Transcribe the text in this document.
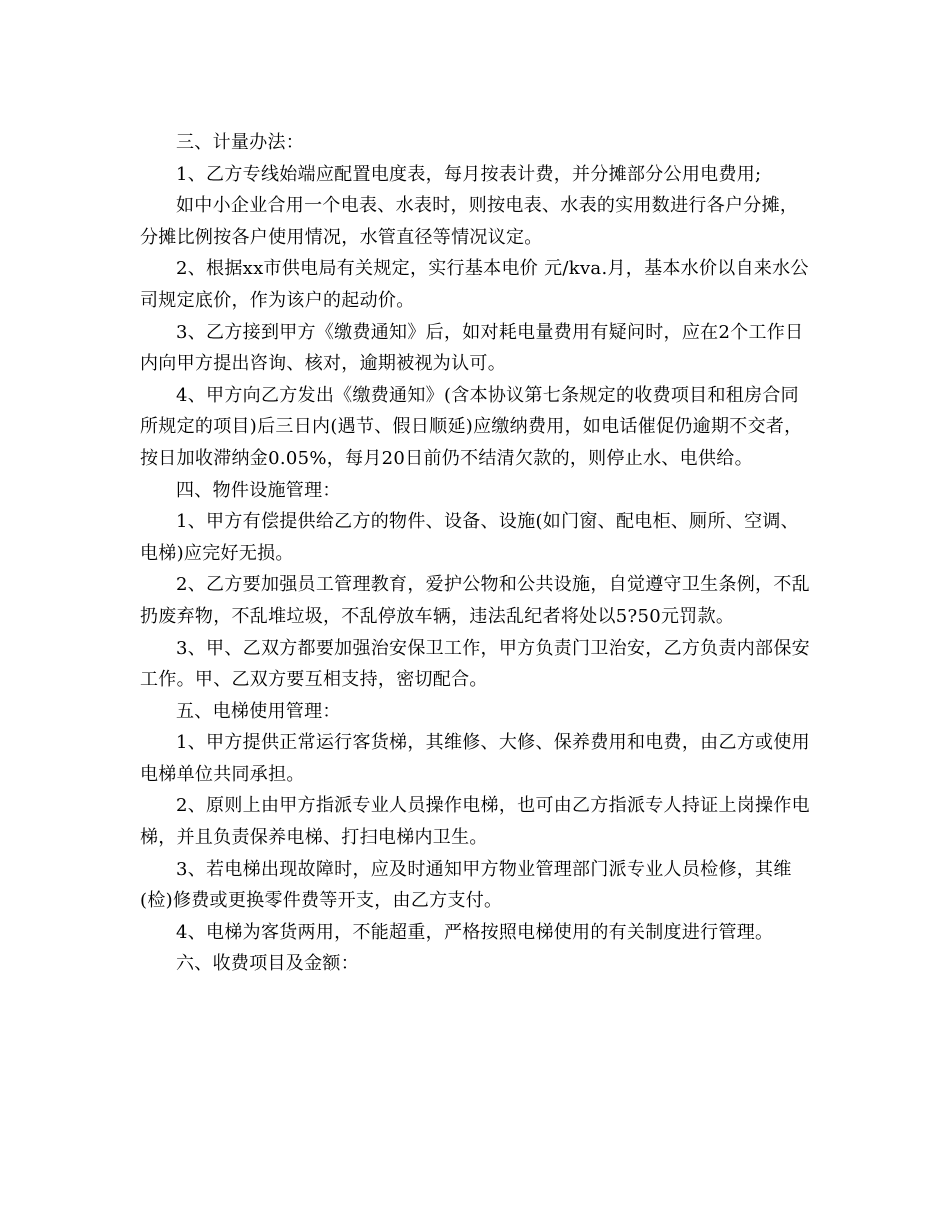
三、计量办法：

1、乙方专线始端应配置电度表，每月按表计费，并分摊部分公用电费用;

如中小企业合用一个电表、水表时，则按电表、水表的实用数进行各户分摊，分摊比例按各户使用情况，水管直径等情况议定。

2、根据xx市供电局有关规定，实行基本电价 元/kva.月，基本水价以自来水公司规定底价，作为该户的起动价。

3、乙方接到甲方《缴费通知》后，如对耗电量费用有疑问时，应在2个工作日内向甲方提出咨询、核对，逾期被视为认可。

4、甲方向乙方发出《缴费通知》(含本协议第七条规定的收费项目和租房合同所规定的项目)后三日内(遇节、假日顺延)应缴纳费用，如电话催促仍逾期不交者，按日加收滞纳金0.05%，每月20日前仍不结清欠款的，则停止水、电供给。

四、物件设施管理：

1、甲方有偿提供给乙方的物件、设备、设施(如门窗、配电柜、厕所、空调、电梯)应完好无损。

2、乙方要加强员工管理教育，爱护公物和公共设施，自觉遵守卫生条例，不乱扔废弃物，不乱堆垃圾，不乱停放车辆，违法乱纪者将处以5?50元罚款。

3、甲、乙双方都要加强治安保卫工作，甲方负责门卫治安，乙方负责内部保安工作。甲、乙双方要互相支持，密切配合。

五、电梯使用管理：

1、甲方提供正常运行客货梯，其维修、大修、保养费用和电费，由乙方或使用电梯单位共同承担。

2、原则上由甲方指派专业人员操作电梯，也可由乙方指派专人持证上岗操作电梯，并且负责保养电梯、打扫电梯内卫生。

3、若电梯出现故障时，应及时通知甲方物业管理部门派专业人员检修，其维(检)修费或更换零件费等开支，由乙方支付。

4、电梯为客货两用，不能超重，严格按照电梯使用的有关制度进行管理。

六、收费项目及金额：
